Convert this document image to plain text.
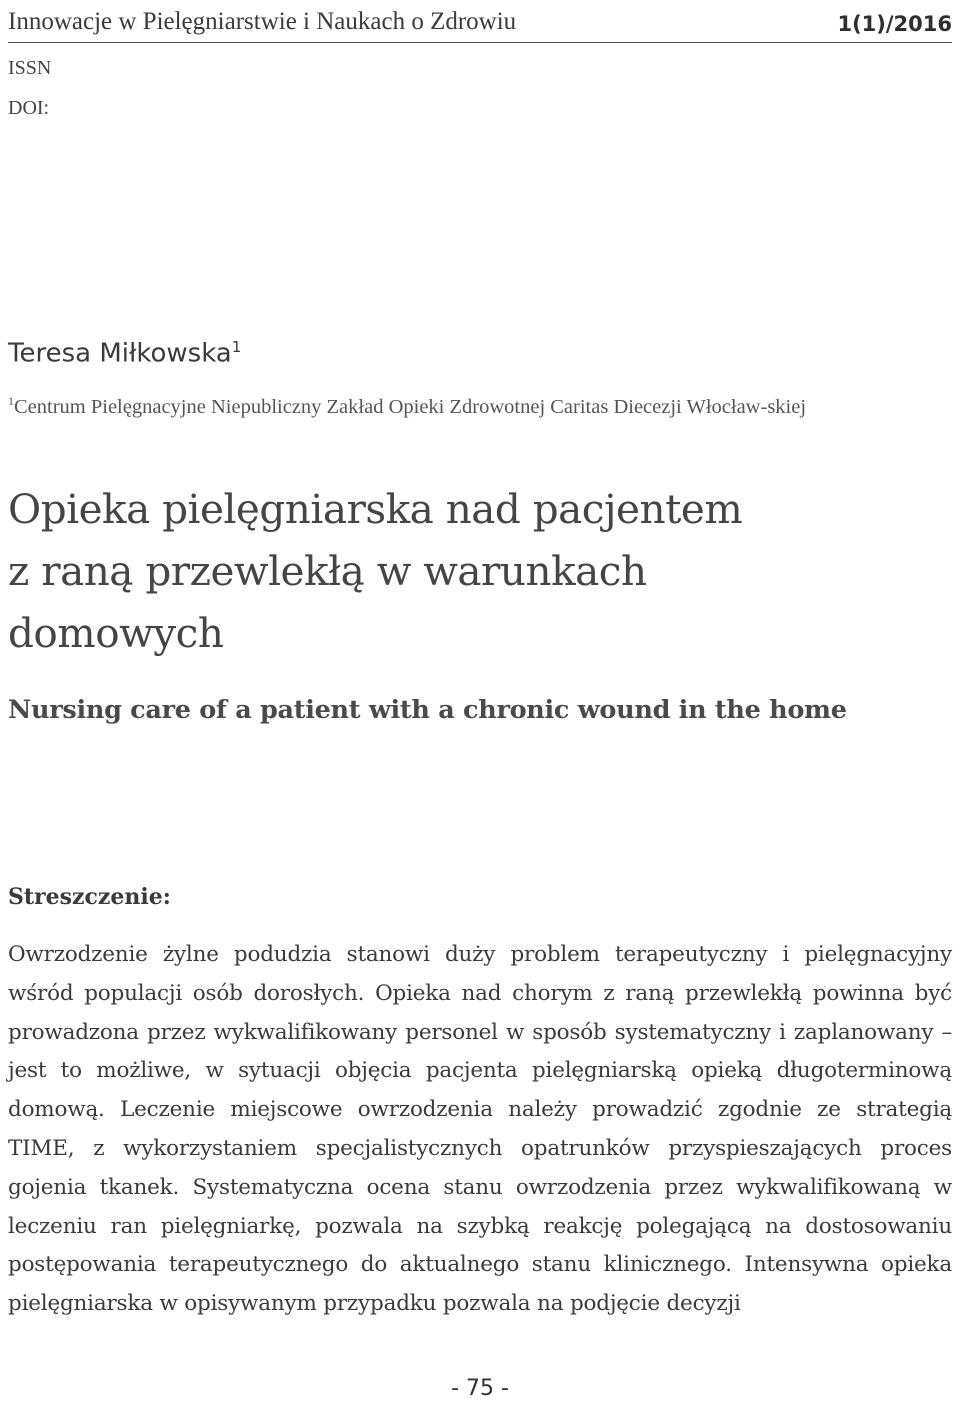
Innowacje w Pielęgniarstwie i Naukach o Zdrowiu	1(1)/2016
ISSN
DOI:
Teresa Miłkowska$^1$
$^1$Centrum Pielęgnacyjne Niepubliczny Zakład Opieki Zdrowotnej Caritas Diecezji Włocław-skiej
Opieka pielęgniarska nad pacjentem
z raną przewlekłą w warunkach
domowych
Nursing care of a patient with a chronic wound in the home
Streszczenie:
Owrzodzenie żylne podudzia stanowi duży problem terapeutyczny i pielęgnacyjny wśród populacji osób dorosłych. Opieka nad chorym z raną przewlekłą powinna być prowadzona przez wykwalifikowany personel w sposób systematyczny i zaplanowany – jest to możliwe, w sytuacji objęcia pacjenta pielęgniarską opieką długoterminową domową. Leczenie miejscowe owrzodzenia należy prowadzić zgodnie ze strategią TIME, z wykorzystaniem specjalistycznych opatrunków przyspieszających proces gojenia tkanek. Systematyczna ocena stanu owrzodzenia przez wykwalifikowaną w leczeniu ran pielęgniarkę, pozwala na szybką reakcję polegającą na dostosowaniu postępowania terapeutycznego do aktualnego stanu klinicznego. Intensywna opieka pielęgniarska w opisywanym przypadku pozwala na podjęcie decyzji
- 75 -
